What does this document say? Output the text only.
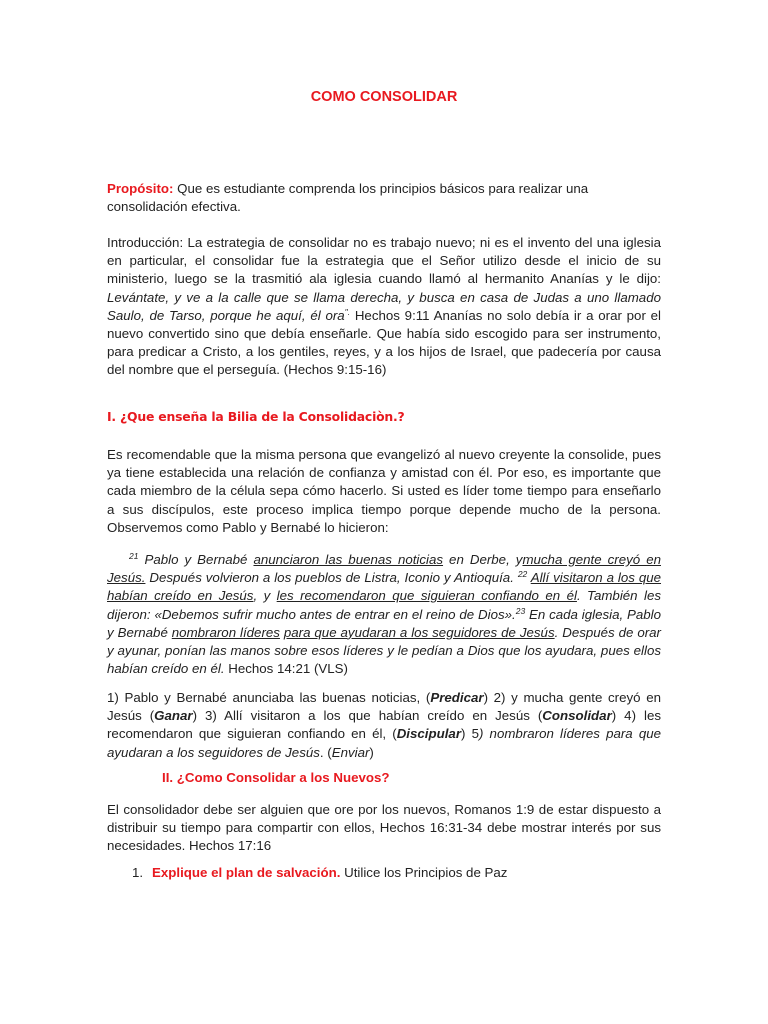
COMO CONSOLIDAR

Propósito: Que es estudiante comprenda los principios básicos para realizar una consolidación efectiva.

Introducción: La estrategia de consolidar no es trabajo nuevo; ni es el invento del una iglesia en particular, el consolidar fue la estrategia que el Señor utilizo desde el inicio de su ministerio, luego se la trasmitió ala iglesia cuando llamó al hermanito Ananías y le dijo: Levántate, y ve a la calle que se llama derecha, y busca en casa de Judas a uno llamado Saulo, de Tarso, porque he aquí, él ora". Hechos 9:11 Ananías no solo debía ir a orar por el nuevo convertido sino que debía enseñarle. Que había sido escogido para ser instrumento, para predicar a Cristo, a los gentiles, reyes, y a los hijos de Israel, que padecería por causa del nombre que el perseguía. (Hechos 9:15-16)

I. ¿Que enseña la Bilia de la Consolidaciòn.?

Es recomendable que la misma persona que evangelizó al nuevo creyente la consolide, pues ya tiene establecida una relación de confianza y amistad con él. Por eso, es importante que cada miembro de la célula sepa cómo hacerlo. Si usted es líder tome tiempo para enseñarlo a sus discípulos, este proceso implica tiempo porque depende mucho de la persona. Observemos como Pablo y Bernabé lo hicieron:

$^{21}$ Pablo y Bernabé anunciaron las buenas noticias en Derbe, ymucha gente creyó en Jesús. Después volvieron a los pueblos de Listra, Iconio y Antioquía. $^{22}$ Allí visitaron a los que habían creído en Jesús, y les recomendaron que siguieran confiando en él. También les dijeron: «Debemos sufrir mucho antes de entrar en el reino de Dios».$^{23}$ En cada iglesia, Pablo y Bernabé nombraron líderes para que ayudaran a los seguidores de Jesús. Después de orar y ayunar, ponían las manos sobre esos líderes y le pedían a Dios que los ayudara, pues ellos habían creído en él. Hechos 14:21 (VLS)

1) Pablo y Bernabé anunciaba las buenas noticias, (Predicar) 2) y mucha gente creyó en Jesús (Ganar) 3) Allí visitaron a los que habían creído en Jesús (Consolidar) 4) les recomendaron que siguieran confiando en él, (Discipular) 5) nombraron líderes para que ayudaran a los seguidores de Jesús. (Enviar)

II. ¿Como Consolidar a los Nuevos?

El consolidador debe ser alguien que ore por los nuevos, Romanos 1:9 de estar dispuesto a distribuir su tiempo para compartir con ellos, Hechos 16:31-34 debe mostrar interés por sus necesidades. Hechos 17:16

1. Explique el plan de salvación. Utilice los Principios de Paz
